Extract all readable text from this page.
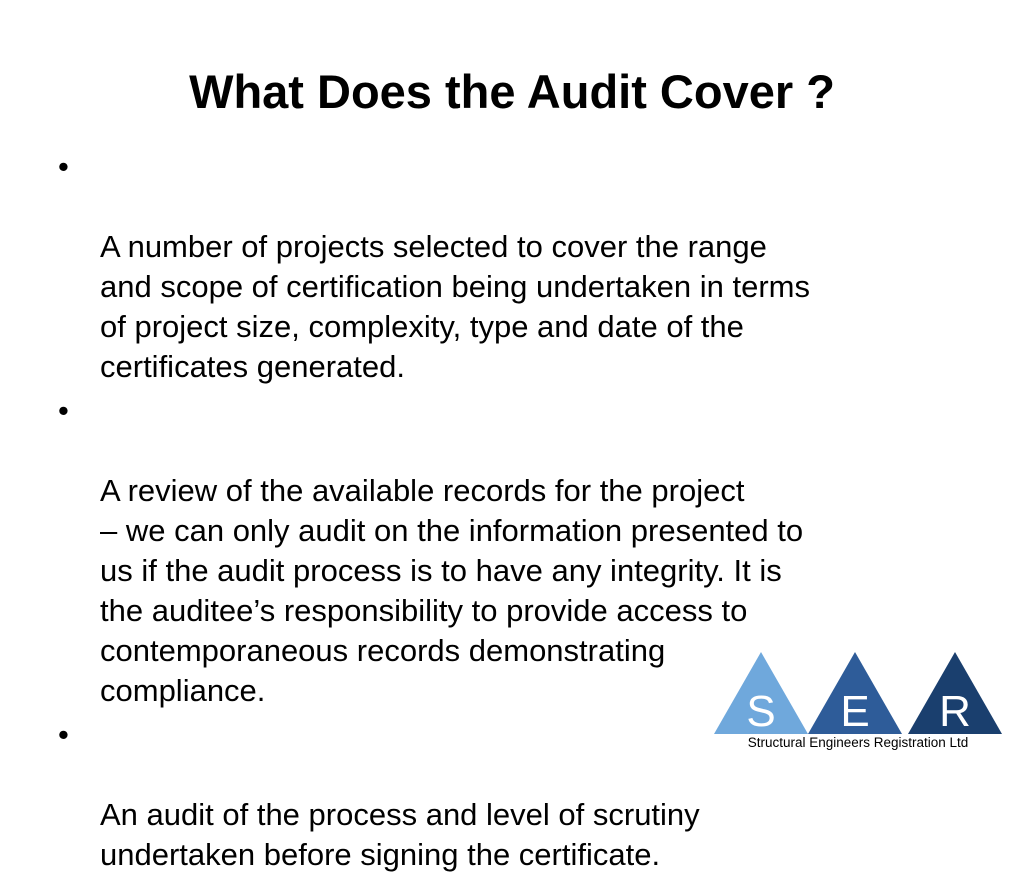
What Does the Audit Cover ?

•

A number of projects selected to cover the range
and scope of certification being undertaken in terms
of project size, complexity, type and date of the
certificates generated.

•

A review of the available records for the project
– we can only audit on the information presented to
us if the audit process is to have any integrity. It is
the auditee’s responsibility to provide access to
contemporaneous records demonstrating
compliance.

•

An audit of the process and level of scrutiny
undertaken before signing the certificate.

S E R
Structural Engineers Registration Ltd
